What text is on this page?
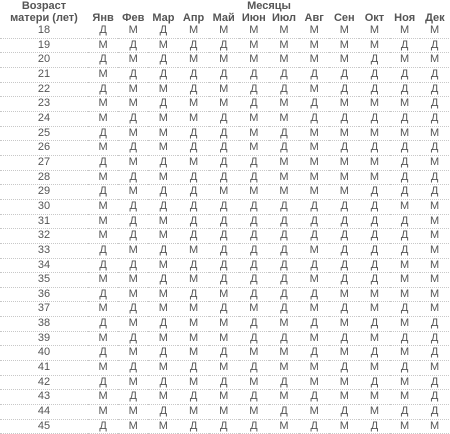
Возраст	Месяцы											
матери (лет)	Янв	Фев	Мар	Апр	Май	Июн	Июл	Авг	Сен	Окт	Ноя	Дек
18	Д	М	Д	М	М	М	М	М	М	М	М	М
19	М	Д	М	Д	Д	М	М	М	М	М	Д	Д
20	Д	М	Д	М	М	М	М	М	М	Д	М	М
21	М	Д	Д	Д	Д	Д	Д	Д	Д	Д	Д	Д
22	Д	М	М	Д	М	Д	Д	М	Д	Д	Д	Д
23	М	М	Д	М	М	Д	М	Д	М	М	М	Д
24	М	Д	М	М	Д	М	М	Д	Д	Д	Д	Д
25	Д	М	М	Д	Д	М	Д	М	М	М	М	М
26	М	Д	М	Д	Д	М	Д	М	Д	Д	Д	Д
27	Д	М	Д	М	Д	Д	М	М	М	М	Д	М
28	М	Д	М	Д	Д	Д	М	М	М	М	Д	Д
29	Д	М	Д	Д	М	М	М	М	М	Д	Д	Д
30	М	Д	Д	Д	Д	Д	Д	Д	Д	Д	М	М
31	М	Д	М	Д	Д	Д	Д	Д	Д	Д	Д	М
32	М	Д	М	Д	Д	Д	Д	Д	Д	Д	Д	М
33	Д	М	Д	М	Д	Д	Д	М	Д	Д	Д	М
34	Д	Д	М	Д	Д	Д	Д	Д	Д	Д	М	М
35	М	М	Д	М	Д	Д	Д	М	Д	Д	М	М
36	Д	М	М	Д	М	Д	Д	Д	М	М	М	М
37	М	Д	М	М	Д	М	Д	М	Д	М	Д	М
38	Д	М	Д	М	М	Д	М	Д	М	Д	М	Д
39	М	Д	М	М	М	Д	Д	М	Д	М	Д	Д
40	Д	М	Д	М	Д	М	М	Д	М	Д	М	Д
41	М	Д	М	Д	М	Д	М	М	Д	М	Д	М
42	Д	М	Д	М	Д	М	Д	М	М	Д	М	Д
43	М	Д	М	Д	М	Д	М	Д	М	М	М	Д
44	М	М	Д	М	М	М	Д	М	Д	М	Д	Д
45	Д	М	М	Д	Д	Д	М	Д	М	Д	М	М
